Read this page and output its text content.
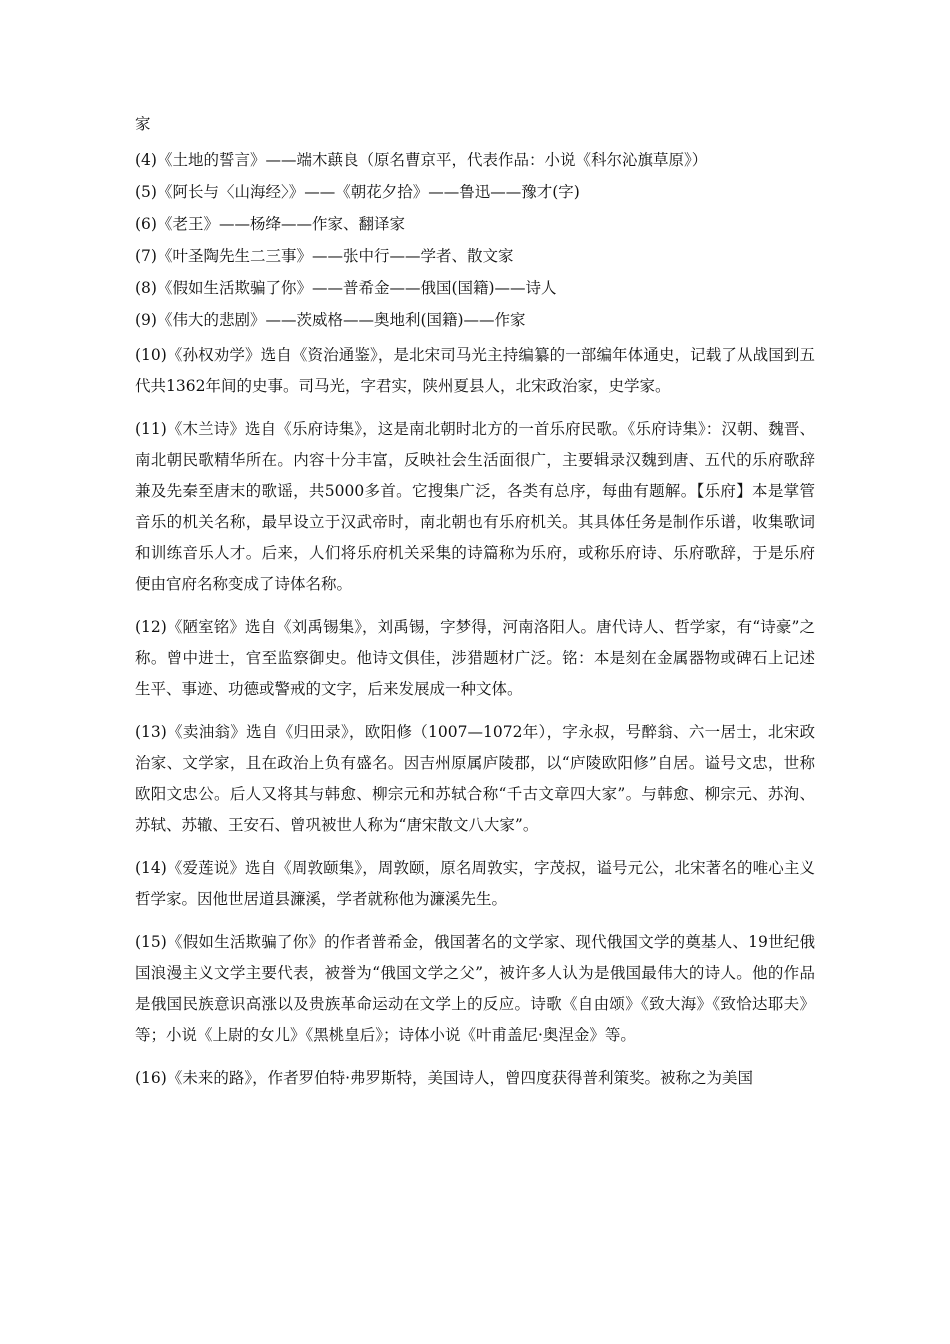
家
(4)《土地的誓言》——端木蕻良（原名曹京平，代表作品：小说《科尔沁旗草原》）
(5)《阿长与〈山海经〉》——《朝花夕拾》——鲁迅——豫才(字)
(6)《老王》——杨绛——作家、翻译家
(7)《叶圣陶先生二三事》——张中行——学者、散文家
(8)《假如生活欺骗了你》——普希金——俄国(国籍)——诗人
(9)《伟大的悲剧》——茨威格——奥地利(国籍)——作家

(10)《孙权劝学》选自《资治通鉴》，是北宋司马光主持编纂的一部编年体通史，记载了从战国到五代共1362年间的史事。司马光，字君实，陕州夏县人，北宋政治家，史学家。

(11)《木兰诗》选自《乐府诗集》，这是南北朝时北方的一首乐府民歌。《乐府诗集》：汉朝、魏晋、南北朝民歌精华所在。内容十分丰富，反映社会生活面很广，主要辑录汉魏到唐、五代的乐府歌辞兼及先秦至唐末的歌谣，共5000多首。它搜集广泛，各类有总序，每曲有题解。【乐府】本是掌管音乐的机关名称，最早设立于汉武帝时，南北朝也有乐府机关。其具体任务是制作乐谱，收集歌词和训练音乐人才。后来，人们将乐府机关采集的诗篇称为乐府，或称乐府诗、乐府歌辞，于是乐府便由官府名称变成了诗体名称。

(12)《陋室铭》选自《刘禹锡集》，刘禹锡，字梦得，河南洛阳人。唐代诗人、哲学家，有“诗豪”之称。曾中进士，官至监察御史。他诗文俱佳，涉猎题材广泛。铭：本是刻在金属器物或碑石上记述生平、事迹、功德或警戒的文字，后来发展成一种文体。

(13)《卖油翁》选自《归田录》，欧阳修（1007—1072年），字永叔，号醉翁、六一居士，北宋政治家、文学家，且在政治上负有盛名。因吉州原属庐陵郡，以“庐陵欧阳修”自居。谥号文忠，世称欧阳文忠公。后人又将其与韩愈、柳宗元和苏轼合称“千古文章四大家”。与韩愈、柳宗元、苏洵、苏轼、苏辙、王安石、曾巩被世人称为“唐宋散文八大家”。

(14)《爱莲说》选自《周敦颐集》，周敦颐，原名周敦实，字茂叔，谥号元公，北宋著名的唯心主义哲学家。因他世居道县濂溪，学者就称他为濂溪先生。

(15)《假如生活欺骗了你》的作者普希金，俄国著名的文学家、现代俄国文学的奠基人、19世纪俄国浪漫主义文学主要代表，被誉为“俄国文学之父”，被许多人认为是俄国最伟大的诗人。他的作品是俄国民族意识高涨以及贵族革命运动在文学上的反应。诗歌《自由颂》《致大海》《致恰达耶夫》等；小说《上尉的女儿》《黑桃皇后》；诗体小说《叶甫盖尼·奥涅金》等。

(16)《未来的路》，作者罗伯特·弗罗斯特，美国诗人，曾四度获得普利策奖。被称之为美国
